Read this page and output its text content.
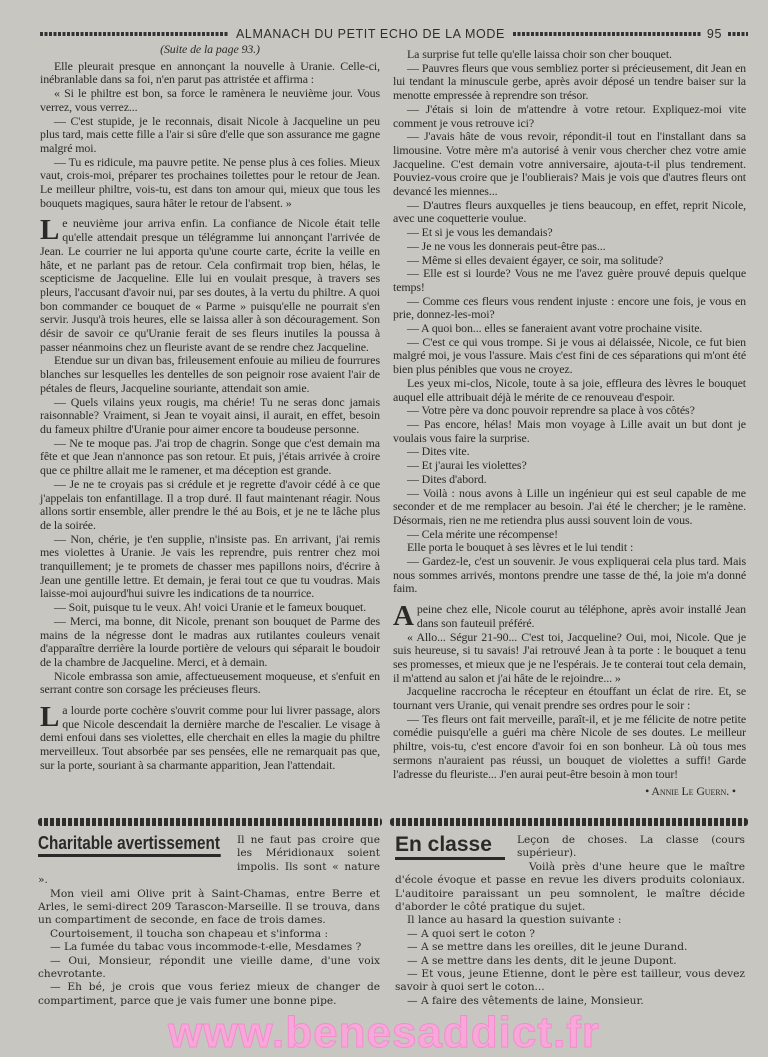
ALMANACH DU PETIT ECHO DE LA MODE	95

(Suite de la page 93.)

Elle pleurait presque en annonçant la nouvelle à Uranie. Celle-ci, inébranlable dans sa foi, n'en parut pas attristée et affirma :

« Si le philtre est bon, sa force le ramènera le neuvième jour. Vous verrez, vous verrez...

— C'est stupide, je le reconnais, disait Nicole à Jacqueline un peu plus tard, mais cette fille a l'air si sûre d'elle que son assurance me gagne malgré moi.

— Tu es ridicule, ma pauvre petite. Ne pense plus à ces folies. Mieux vaut, crois-moi, préparer tes prochaines toilettes pour le retour de Jean. Le meilleur philtre, vois-tu, est dans ton amour qui, mieux que tous les bouquets magiques, saura hâter le retour de l'absent. »

Le neuvième jour arriva enfin. La confiance de Nicole était telle qu'elle attendait presque un télégramme lui annonçant l'arrivée de Jean. Le courrier ne lui apporta qu'une courte carte, écrite la veille en hâte, et ne parlant pas de retour. Cela confirmait trop bien, hélas, le scepticisme de Jacqueline. Elle lui en voulait presque, à travers ses pleurs, l'accusant d'avoir nui, par ses doutes, à la vertu du philtre. A quoi bon commander ce bouquet de « Parme » puisqu'elle ne pourrait s'en servir. Jusqu'à trois heures, elle se laissa aller à son découragement. Son désir de savoir ce qu'Uranie ferait de ses fleurs inutiles la poussa à passer néanmoins chez un fleuriste avant de se rendre chez Jacqueline.

Etendue sur un divan bas, frileusement enfouie au milieu de fourrures blanches sur lesquelles les dentelles de son peignoir rose avaient l'air de pétales de fleurs, Jacqueline souriante, attendait son amie.

— Quels vilains yeux rougis, ma chérie! Tu ne seras donc jamais raisonnable? Vraiment, si Jean te voyait ainsi, il aurait, en effet, besoin du fameux philtre d'Uranie pour aimer encore ta boudeuse personne.

— Ne te moque pas. J'ai trop de chagrin. Songe que c'est demain ma fête et que Jean n'annonce pas son retour. Et puis, j'étais arrivée à croire que ce philtre allait me le ramener, et ma déception est grande.

— Je ne te croyais pas si crédule et je regrette d'avoir cédé à ce que j'appelais ton enfantillage. Il a trop duré. Il faut maintenant réagir. Nous allons sortir ensemble, aller prendre le thé au Bois, et je ne te lâche plus de la soirée.

— Non, chérie, je t'en supplie, n'insiste pas. En arrivant, j'ai remis mes violettes à Uranie. Je vais les reprendre, puis rentrer chez moi tranquillement; je te promets de chasser mes papillons noirs, d'écrire à Jean une gentille lettre. Et demain, je ferai tout ce que tu voudras. Mais laisse-moi aujourd'hui suivre les indications de ta nourrice.

— Soit, puisque tu le veux. Ah! voici Uranie et le fameux bouquet.

— Merci, ma bonne, dit Nicole, prenant son bouquet de Parme des mains de la négresse dont le madras aux rutilantes couleurs venait d'apparaître derrière la lourde portière de velours qui séparait le boudoir de la chambre de Jacqueline. Merci, et à demain.

Nicole embrassa son amie, affectueusement moqueuse, et s'enfuit en serrant contre son corsage les précieuses fleurs.

La lourde porte cochère s'ouvrit comme pour lui livrer passage, alors que Nicole descendait la dernière marche de l'escalier. Le visage à demi enfoui dans ses violettes, elle cherchait en elles la magie du philtre merveilleux. Tout absorbée par ses pensées, elle ne remarquait pas que, sur la porte, souriant à sa charmante apparition, Jean l'attendait.

La surprise fut telle qu'elle laissa choir son cher bouquet.

— Pauvres fleurs que vous sembliez porter si précieusement, dit Jean en lui tendant la minuscule gerbe, après avoir déposé un tendre baiser sur la menotte empressée à reprendre son trésor.

— J'étais si loin de m'attendre à votre retour. Expliquez-moi vite comment je vous retrouve ici?

— J'avais hâte de vous revoir, répondit-il tout en l'installant dans sa limousine. Votre mère m'a autorisé à venir vous chercher chez votre amie Jacqueline. C'est demain votre anniversaire, ajouta-t-il plus tendrement. Pouviez-vous croire que je l'oublierais? Mais je vois que d'autres fleurs ont devancé les miennes...

— D'autres fleurs auxquelles je tiens beaucoup, en effet, reprit Nicole, avec une coquetterie voulue.

— Et si je vous les demandais?

— Je ne vous les donnerais peut-être pas...

— Même si elles devaient égayer, ce soir, ma solitude?

— Elle est si lourde? Vous ne me l'avez guère prouvé depuis quelque temps!

— Comme ces fleurs vous rendent injuste : encore une fois, je vous en prie, donnez-les-moi?

— A quoi bon... elles se faneraient avant votre prochaine visite.

— C'est ce qui vous trompe. Si je vous ai délaissée, Nicole, ce fut bien malgré moi, je vous l'assure. Mais c'est fini de ces séparations qui m'ont été bien plus pénibles que vous ne croyez.

Les yeux mi-clos, Nicole, toute à sa joie, effleura des lèvres le bouquet auquel elle attribuait déjà le mérite de ce renouveau d'espoir.

— Votre père va donc pouvoir reprendre sa place à vos côtés?

— Pas encore, hélas! Mais mon voyage à Lille avait un but dont je voulais vous faire la surprise.

— Dites vite.

— Et j'aurai les violettes?

— Dites d'abord.

— Voilà : nous avons à Lille un ingénieur qui est seul capable de me seconder et de me remplacer au besoin. J'ai été le chercher; je le ramène. Désormais, rien ne me retiendra plus aussi souvent loin de vous.

— Cela mérite une récompense!

Elle porta le bouquet à ses lèvres et le lui tendit :

— Gardez-le, c'est un souvenir. Je vous expliquerai cela plus tard. Mais nous sommes arrivés, montons prendre une tasse de thé, la joie m'a donné faim.

A peine chez elle, Nicole courut au téléphone, après avoir installé Jean dans son fauteuil préféré.

« Allo... Ségur 21-90... C'est toi, Jacqueline? Oui, moi, Nicole. Que je suis heureuse, si tu savais! J'ai retrouvé Jean à ta porte : le bouquet a tenu ses promesses, et mieux que je ne l'espérais. Je te conterai tout cela demain, il m'attend au salon et j'ai hâte de le rejoindre... »

Jacqueline raccrocha le récepteur en étouffant un éclat de rire. Et, se tournant vers Uranie, qui venait prendre ses ordres pour le soir :

— Tes fleurs ont fait merveille, paraît-il, et je me félicite de notre petite comédie puisqu'elle a guéri ma chère Nicole de ses doutes. Le meilleur philtre, vois-tu, c'est encore d'avoir foi en son bonheur. Là où tous mes sermons n'auraient pas réussi, un bouquet de violettes a suffi! Garde l'adresse du fleuriste... J'en aurai peut-être besoin à mon tour!

• Annie Le Guern. •

Charitable avertissement	Il ne faut pas croire que les Méridionaux soient impolis. Ils sont « nature ».

Mon vieil ami Olive prit à Saint-Chamas, entre Berre et Arles, le semi-direct 209 Tarascon-Marseille. Il se trouva, dans un compartiment de seconde, en face de trois dames.

Courtoisement, il toucha son chapeau et s'informa :

— La fumée du tabac vous incommode-t-elle, Mesdames ?

— Oui, Monsieur, répondit une vieille dame, d'une voix chevrotante.

— Eh bé, je crois que vous feriez mieux de changer de compartiment, parce que je vais fumer une bonne pipe.

En classe	Leçon de choses. La classe (cours supérieur).

Voilà près d'une heure que le maître d'école évoque et passe en revue les divers produits coloniaux. L'auditoire paraissant un peu somnolent, le maître décide d'aborder le côté pratique du sujet.

Il lance au hasard la question suivante :

— A quoi sert le coton ?

— A se mettre dans les oreilles, dit le jeune Durand.

— A se mettre dans les dents, dit le jeune Dupont.

— Et vous, jeune Etienne, dont le père est tailleur, vous devez savoir à quoi sert le coton...

— A faire des vêtements de laine, Monsieur.

www.benesaddict.fr
